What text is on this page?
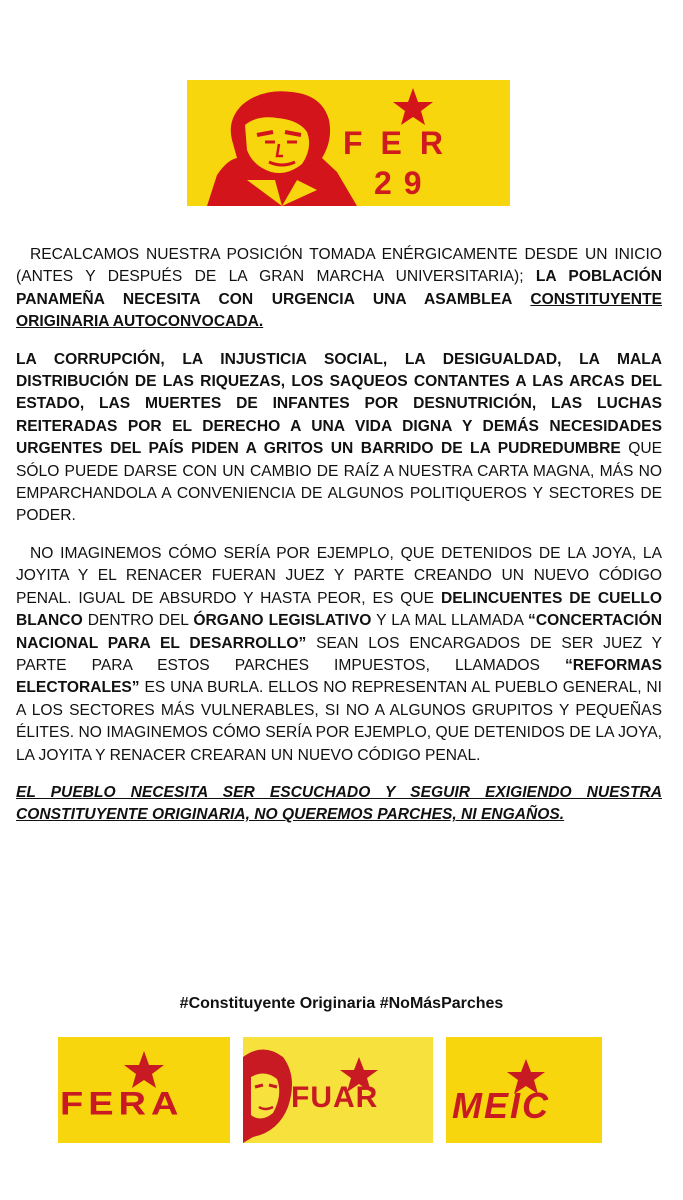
FER
29

RECALCAMOS NUESTRA POSICIÓN TOMADA ENÉRGICAMENTE DESDE UN INICIO (ANTES Y DESPUÉS DE LA GRAN MARCHA UNIVERSITARIA); LA POBLACIÓN PANAMEÑA NECESITA CON URGENCIA UNA ASAMBLEA CONSTITUYENTE ORIGINARIA AUTOCONVOCADA.

LA CORRUPCIÓN, LA INJUSTICIA SOCIAL, LA DESIGUALDAD, LA MALA DISTRIBUCIÓN DE LAS RIQUEZAS, LOS SAQUEOS CONTANTES A LAS ARCAS DEL ESTADO, LAS MUERTES DE INFANTES POR DESNUTRICIÓN, LAS LUCHAS REITERADAS POR EL DERECHO A UNA VIDA DIGNA Y DEMÁS NECESIDADES URGENTES DEL PAÍS PIDEN A GRITOS UN BARRIDO DE LA PUDREDUMBRE QUE SÓLO PUEDE DARSE CON UN CAMBIO DE RAÍZ A NUESTRA CARTA MAGNA, MÁS NO EMPARCHANDOLA A CONVENIENCIA DE ALGUNOS POLITIQUEROS Y SECTORES DE PODER.

NO IMAGINEMOS CÓMO SERÍA POR EJEMPLO, QUE DETENIDOS DE LA JOYA, LA JOYITA Y EL RENACER FUERAN JUEZ Y PARTE CREANDO UN NUEVO CÓDIGO PENAL. IGUAL DE ABSURDO Y HASTA PEOR, ES QUE DELINCUENTES DE CUELLO BLANCO DENTRO DEL ÓRGANO LEGISLATIVO Y LA MAL LLAMADA “CONCERTACIÓN NACIONAL PARA EL DESARROLLO” SEAN LOS ENCARGADOS DE SER JUEZ Y PARTE PARA ESTOS PARCHES IMPUESTOS, LLAMADOS “REFORMAS ELECTORALES” ES UNA BURLA. ELLOS NO REPRESENTAN AL PUEBLO GENERAL, NI A LOS SECTORES MÁS VULNERABLES, SI NO A ALGUNOS GRUPITOS Y PEQUEÑAS ÉLITES. NO IMAGINEMOS CÓMO SERÍA POR EJEMPLO, QUE DETENIDOS DE LA JOYA, LA JOYITA Y RENACER CREARAN UN NUEVO CÓDIGO PENAL.

EL PUEBLO NECESITA SER ESCUCHADO Y SEGUIR EXIGIENDO NUESTRA CONSTITUYENTE ORIGINARIA, NO QUEREMOS PARCHES, NI ENGAÑOS.

#Constituyente Originaria #NoMásParches
FERA	FUAR MEIC
